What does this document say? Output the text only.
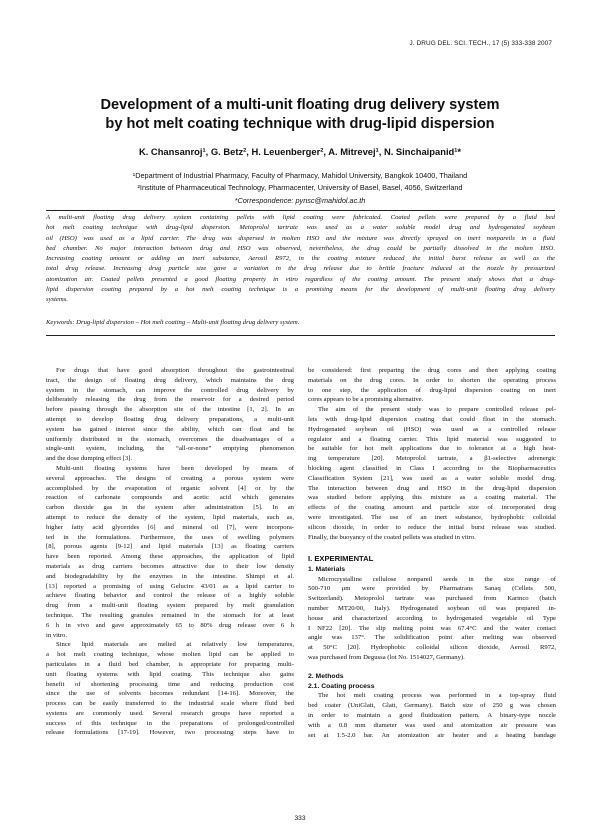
J. DRUG DEL. SCI. TECH., 17 (5) 333-338 2007
Development of a multi-unit floating drug delivery system
by hot melt coating technique with drug-lipid dispersion
K. Chansanroj¹, G. Betz², H. Leuenberger², A. Mitrevej¹, N. Sinchaipanid¹*
¹Department of Industrial Pharmacy, Faculty of Pharmacy, Mahidol University, Bangkok 10400, Thailand
²Institute of Pharmaceutical Technology, Pharmacenter, University of Basel, Basel, 4056, Switzerland
*Correspondence: pynsc@mahidol.ac.th
A multi-unit floating drug delivery system containing pellets with lipid coating were fabricated. Coated pellets were prepared by a fluid bed
hot melt coating technique with drug-lipid dispersion. Metoprolol tartrate was used as a water soluble model drug and hydrogenated soybean
oil (HSO) was used as a lipid carrier. The drug was dispersed in molten HSO and the mixture was directly sprayed on inert nonpareils in a fluid
bed chamber. No major interaction between drug and HSO was observed, nevertheless, the drug could be partially dissolved in the molten HSO.
Increasing coating amount or adding an inert substance, Aerosil R972, in the coating mixture reduced the initial burst release as well as the
total drug release. Increasing drug particle size gave a variation in the drug release due to brittle fracture induced at the nozzle by pressurized
atomization air. Coated pellets presented a good floating property in vitro regardless of the coating amount. The present study shows that a drug-
lipid dispersion coating prepared by a hot melt coating technique is a promising means for the development of multi-unit floating drug delivery
systems.
Keywords: Drug-lipid dispersion – Hot melt coating – Multi-unit floating drug delivery system.
For drugs that have good absorption throughout the gastrointestinal
tract, the design of floating drug delivery, which maintains the drug
system in the stomach, can improve the controlled drug delivery by
deliberately releasing the drug from the reservoir for a desired period
before passing through the absorption site of the intestine [1, 2]. In an
attempt to develop floating drug delivery preparations, a multi-unit
system has gained interest since the ability, which can float and be
uniformly distributed in the stomach, overcomes the disadvantages of a
single-unit system, including, the “all-or-none” emptying phenomenon
and the dose dumping effect [3].
Multi-unit floating systems have been developed by means of
several approaches. The designs of creating a porous system were
accomplished by the evaporation of organic solvent [4] or by the
reaction of carbonate compounds and acetic acid which generates
carbon dioxide gas in the system after administration [5]. In an
attempt to reduce the density of the system, lipid materials, such as,
higher fatty acid glycerides [6] and mineral oil [7], were incorpora-
ted in the formulations. Furthermore, the uses of swelling polymers
[8], porous agents [9-12] and lipid materials [13] as floating carriers
have been reported. Among these approaches, the application of lipid
materials as drug carriers becomes attractive due to their low density
and biodegradability by the enzymes in the intestine. Shimpi et al.
[13] reported a promising of using Gelucire 43/01 as a lipid carrier to
achieve floating behavior and control the release of a highly soluble
drug from a multi-unit floating system prepared by melt granulation
technique. The resulting granules remained in the stomach for at least
6 h in vivo and gave approximately 65 to 80% drug release over 6 h
in vitro.
Since lipid materials are melted at relatively low temperatures,
a hot melt coating technique, whose molten lipid can be applied to
particulates in a fluid bed chamber, is appropriate for preparing multi-
unit floating systems with lipid coating. This technique also gains
benefit of shortening processing time and reducing production cost
since the use of solvents becomes redundant [14-16]. Moreover, the
process can be easily transferred to the industrial scale where fluid bed
systems are commonly used. Several research groups have reported a
success of this technique in the preparations of prolonged/controlled
release formulations [17-19]. However, two processing steps have to
be considered: first preparing the drug cores and then applying coating
materials on the drug cores. In order to shorten the operating process
to one step, the application of drug-lipid dispersion coating on inert
cores appears to be a promising alternative.
The aim of the present study was to prepare controlled release pel-
lets with drug-lipid dispersion coating that could float in the stomach.
Hydrogenated soybean oil (HSO) was used as a controlled release
regulator and a floating carrier. This lipid material was suggested to
be suitable for hot melt applications due to tolerance at a high heat-
ing temperature [20]. Metoprolol tartrate, a β1-selective adrenergic
blocking agent classified in Class I according to the Biopharmaceutics
Classification System [21], was used as a water soluble model drug.
The interaction between drug and HSO in the drug-lipid dispersion
was studied before applying this mixture as a coating material. The
effects of the coating amount and particle size of incorporated drug
were investigated. The use of an inert substance, hydrophobic colloidal
silicon dioxide, in order to reduce the initial burst release was studied.
Finally, the buoyancy of the coated pellets was studied in vitro.
I. EXPERIMENTAL
1. Materials
Microcrystalline cellulose nonpareil seeds in the size range of
500-710 μm were provided by Pharmatrans Sanaq (Cellets 500,
Switzerland). Metoprolol tartrate was purchased from Karinco (batch
number MT20/00, Italy). Hydrogenated soybean oil was prepared in-
house and characterized according to hydrogenated vegetable oil Type
I NF22 [20]. The slip melting point was 67.4°C and the water contact
angle was 137°. The solidification point after melting was observed
at 50°C [20]. Hydrophobic colloidal silicon dioxide, Aerosil R972,
was purchased from Degussa (lot No. 1514027, Germany).
2. Methods
2.1. Coating process
The hot melt coating process was performed in a top-spray fluid
bed coater (UniGlatt, Glatt, Germany). Batch size of 250 g was chosen
in order to maintain a good fluidization pattern. A binary-type nozzle
with a 0.8 mm diameter was used and atomization air pressure was
set at 1.5-2.0 bar. An atomization air heater and a heating bandage
333
